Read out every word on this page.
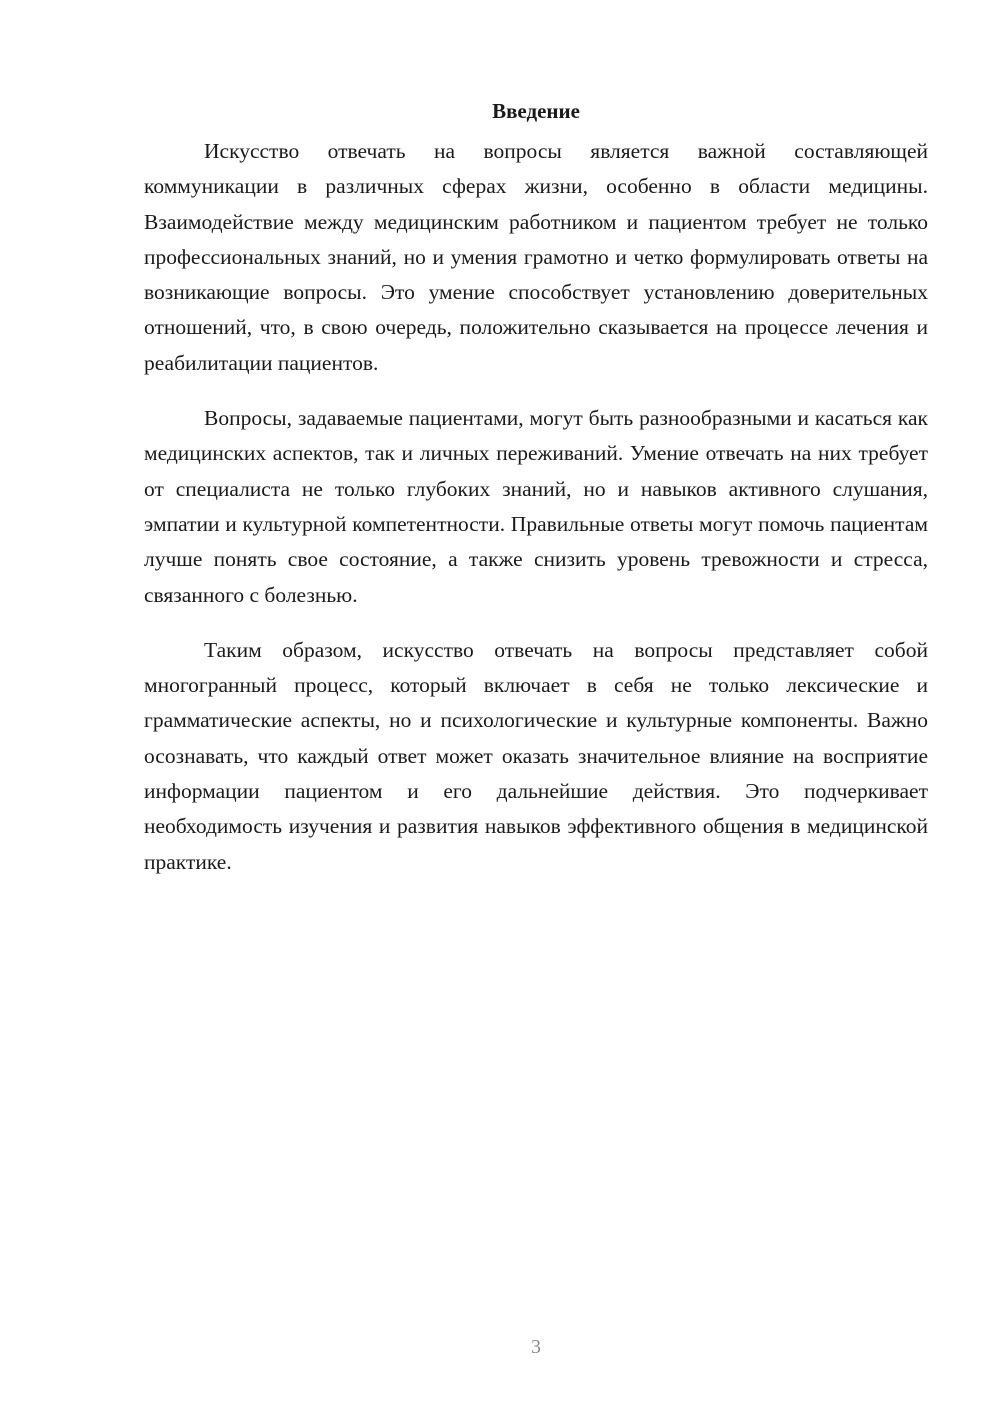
Введение

Искусство отвечать на вопросы является важной составляющей коммуникации в различных сферах жизни, особенно в области медицины. Взаимодействие между медицинским работником и пациентом требует не только профессиональных знаний, но и умения грамотно и четко формулировать ответы на возникающие вопросы. Это умение способствует установлению доверительных отношений, что, в свою очередь, положительно сказывается на процессе лечения и реабилитации пациентов.

Вопросы, задаваемые пациентами, могут быть разнообразными и касаться как медицинских аспектов, так и личных переживаний. Умение отвечать на них требует от специалиста не только глубоких знаний, но и навыков активного слушания, эмпатии и культурной компетентности. Правильные ответы могут помочь пациентам лучше понять свое состояние, а также снизить уровень тревожности и стресса, связанного с болезнью.

Таким образом, искусство отвечать на вопросы представляет собой многогранный процесс, который включает в себя не только лексические и грамматические аспекты, но и психологические и культурные компоненты. Важно осознавать, что каждый ответ может оказать значительное влияние на восприятие информации пациентом и его дальнейшие действия. Это подчеркивает необходимость изучения и развития навыков эффективного общения в медицинской практике.

3
